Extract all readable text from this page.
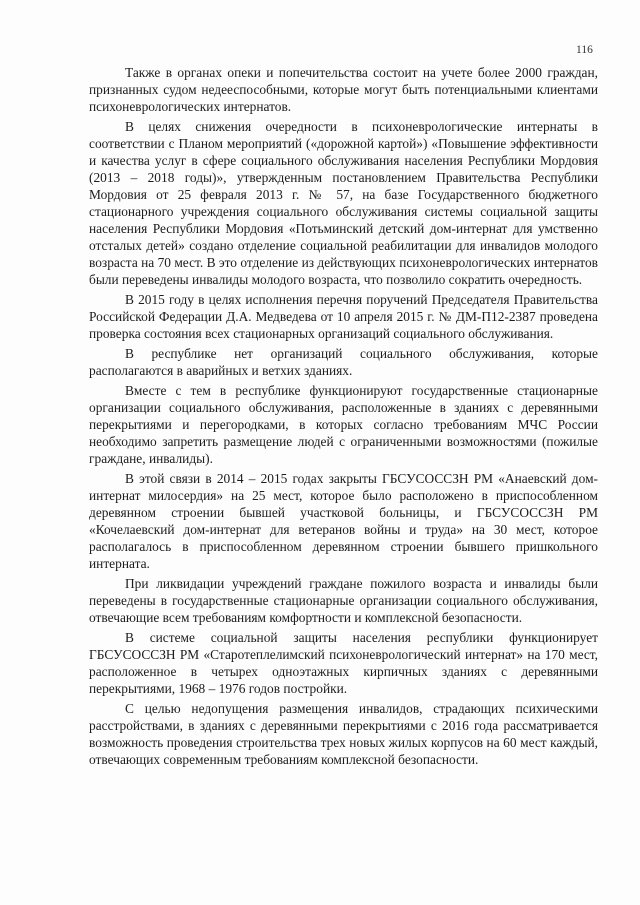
116

Также в органах опеки и попечительства состоит на учете более 2000 граждан, признанных судом недееспособными, которые могут быть потенциальными клиентами психоневрологических интернатов.

В целях снижения очередности в психоневрологические интернаты в соответствии с Планом мероприятий («дорожной картой») «Повышение эффективности и качества услуг в сфере социального обслуживания населения Республики Мордовия (2013 – 2018 годы)», утвержденным постановлением Правительства Республики Мордовия от 25 февраля 2013 г. № 57, на базе Государственного бюджетного стационарного учреждения социального обслуживания системы социальной защиты населения Республики Мордовия «Потьминский детский дом-интернат для умственно отсталых детей» создано отделение социальной реабилитации для инвалидов молодого возраста на 70 мест. В это отделение из действующих психоневрологических интернатов были переведены инвалиды молодого возраста, что позволило сократить очередность.

В 2015 году в целях исполнения перечня поручений Председателя Правительства Российской Федерации Д.А. Медведева от 10 апреля 2015 г. № ДМ-П12-2387 проведена проверка состояния всех стационарных организаций социального обслуживания.

В республике нет организаций социального обслуживания, которые располагаются в аварийных и ветхих зданиях.

Вместе с тем в республике функционируют государственные стационарные организации социального обслуживания, расположенные в зданиях с деревянными перекрытиями и перегородками, в которых согласно требованиям МЧС России необходимо запретить размещение людей с ограниченными возможностями (пожилые граждане, инвалиды).

В этой связи в 2014 – 2015 годах закрыты ГБСУСОССЗН РМ «Анаевский дом-интернат милосердия» на 25 мест, которое было расположено в приспособленном деревянном строении бывшей участковой больницы, и ГБСУСОССЗН РМ «Кочелаевский дом-интернат для ветеранов войны и труда» на 30 мест, которое располагалось в приспособленном деревянном строении бывшего пришкольного интерната.

При ликвидации учреждений граждане пожилого возраста и инвалиды были переведены в государственные стационарные организации социального обслуживания, отвечающие всем требованиям комфортности и комплексной безопасности.

В системе социальной защиты населения республики функционирует ГБСУСОССЗН РМ «Старотеплелимский психоневрологический интернат» на 170 мест, расположенное в четырех одноэтажных кирпичных зданиях с деревянными перекрытиями, 1968 – 1976 годов постройки.

С целью недопущения размещения инвалидов, страдающих психическими расстройствами, в зданиях с деревянными перекрытиями с 2016 года рассматривается возможность проведения строительства трех новых жилых корпусов на 60 мест каждый, отвечающих современным требованиям комплексной безопасности.
